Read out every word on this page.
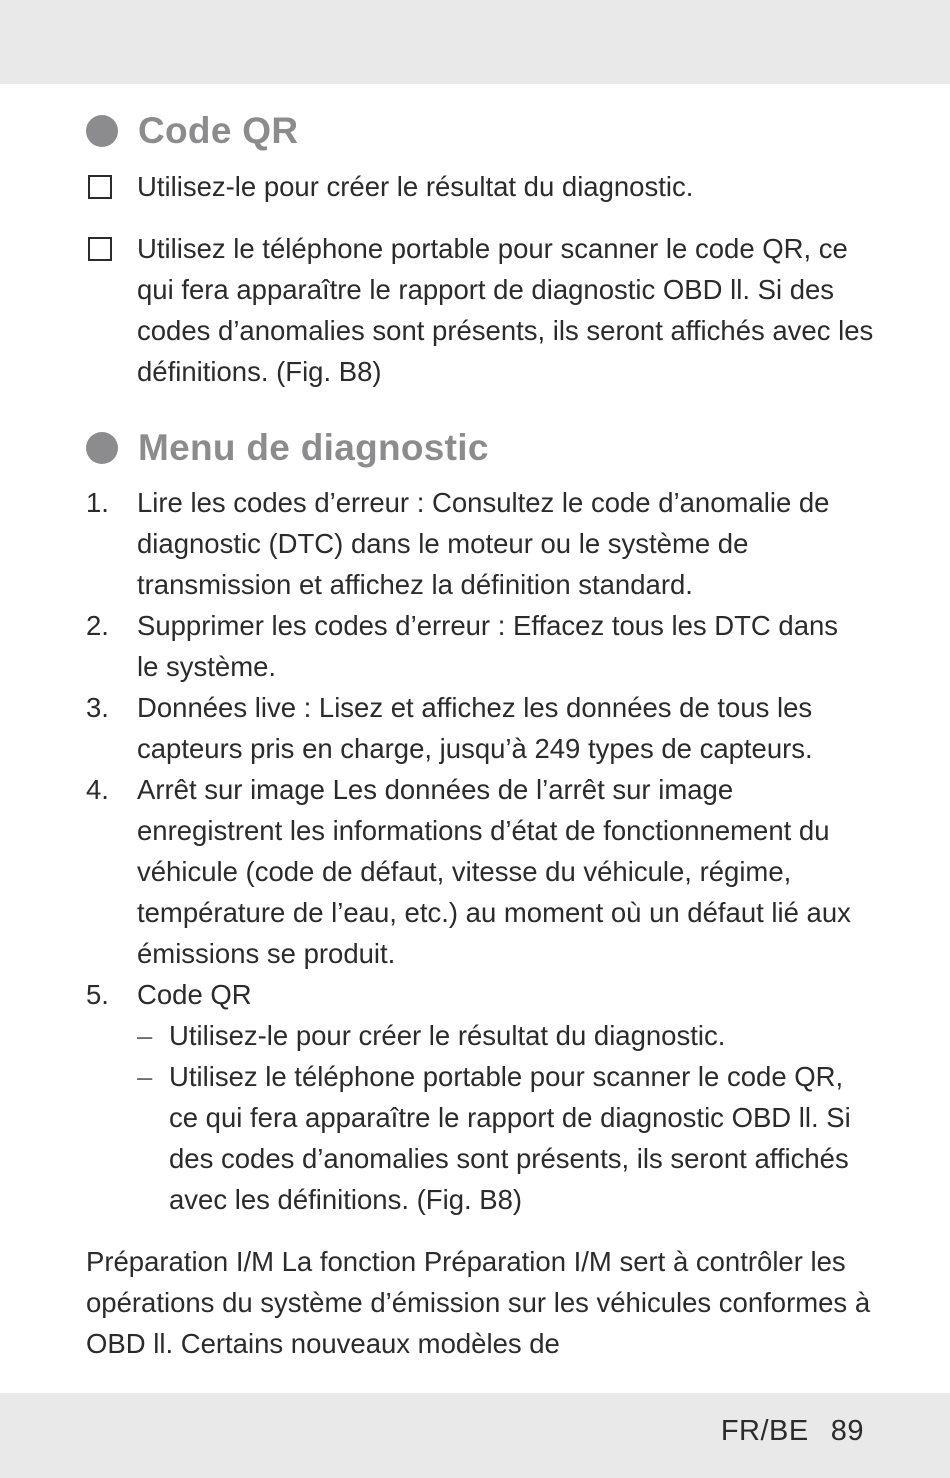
Code QR
Utilisez-le pour créer le résultat du diagnostic.
Utilisez le téléphone portable pour scanner le code QR, ce qui fera apparaître le rapport de diagnostic OBD ll. Si des codes d’anomalies sont présents, ils seront affichés avec les définitions. (Fig. B8)
Menu de diagnostic
1.	Lire les codes d’erreur : Consultez le code d’anomalie de diagnostic (DTC) dans le moteur ou le système de transmission et affichez la définition standard.
2.	Supprimer les codes d’erreur : Effacez tous les DTC dans le système.
3.	Données live : Lisez et affichez les données de tous les capteurs pris en charge, jusqu’à 249 types de capteurs.
4.	Arrêt sur image Les données de l’arrêt sur image enregistrent les informations d’état de fonctionnement du véhicule (code de défaut, vitesse du véhicule, régime, température de l’eau, etc.) au moment où un défaut lié aux émissions se produit.
5.	Code QR
– Utilisez-le pour créer le résultat du diagnostic.
– Utilisez le téléphone portable pour scanner le code QR, ce qui fera apparaître le rapport de diagnostic OBD ll. Si des codes d’anomalies sont présents, ils seront affichés avec les définitions. (Fig. B8)
Préparation I/M La fonction Préparation I/M sert à contrôler les opérations du système d’émission sur les véhicules conformes à OBD ll. Certains nouveaux modèles de
FR/BE 89
